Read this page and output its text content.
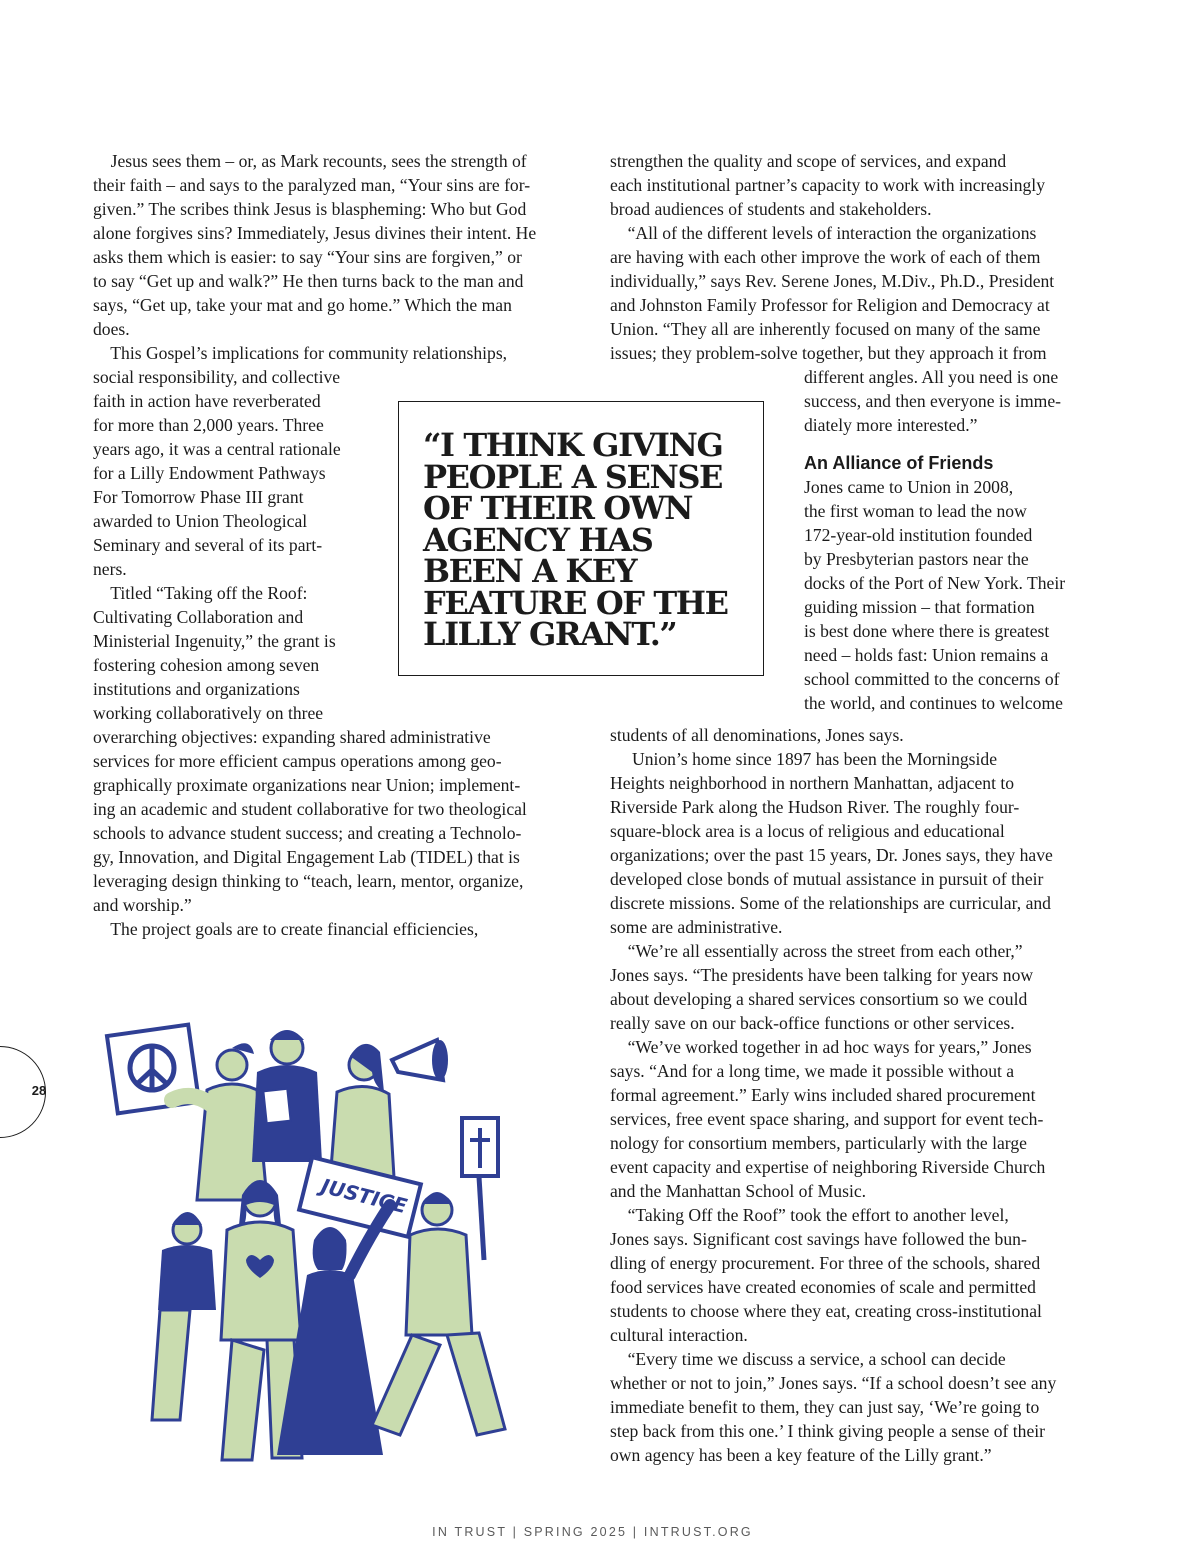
Jesus sees them – or, as Mark recounts, sees the strength of
their faith – and says to the paralyzed man, “Your sins are for-
given.” The scribes think Jesus is blaspheming: Who but God
alone forgives sins? Immediately, Jesus divines their intent. He
asks them which is easier: to say “Your sins are forgiven,” or
to say “Get up and walk?” He then turns back to the man and
says, “Get up, take your mat and go home.” Which the man
does.
This Gospel’s implications for community relationships,
social responsibility, and collective
faith in action have reverberated
for more than 2,000 years. Three
years ago, it was a central rationale
for a Lilly Endowment Pathways
For Tomorrow Phase III grant
awarded to Union Theological
Seminary and several of its part-
ners.
Titled “Taking off the Roof:
Cultivating Collaboration and
Ministerial Ingenuity,” the grant is
fostering cohesion among seven
institutions and organizations
working collaboratively on three
overarching objectives: expanding shared administrative
services for more efficient campus operations among geo-
graphically proximate organizations near Union; implement-
ing an academic and student collaborative for two theological
schools to advance student success; and creating a Technolo-
gy, Innovation, and Digital Engagement Lab (TIDEL) that is
leveraging design thinking to “teach, learn, mentor, organize,
and worship.”
The project goals are to create financial efficiencies,
“I THINK GIVING
PEOPLE A SENSE
OF THEIR OWN
AGENCY HAS
BEEN A KEY
FEATURE OF THE
LILLY GRANT.”
strengthen the quality and scope of services, and expand
each institutional partner’s capacity to work with increasingly
broad audiences of students and stakeholders.
“All of the different levels of interaction the organizations
are having with each other improve the work of each of them
individually,” says Rev. Serene Jones, M.Div., Ph.D., President
and Johnston Family Professor for Religion and Democracy at
Union. “They all are inherently focused on many of the same
issues; they problem-solve together, but they approach it from
different angles. All you need is one
success, and then everyone is imme-
diately more interested.”
An Alliance of Friends
Jones came to Union in 2008,
the first woman to lead the now
172-year-old institution founded
by Presbyterian pastors near the
docks of the Port of New York. Their
guiding mission – that formation
is best done where there is greatest
need – holds fast: Union remains a
school committed to the concerns of
the world, and continues to welcome
students of all denominations, Jones says.
Union’s home since 1897 has been the Morningside
Heights neighborhood in northern Manhattan, adjacent to
Riverside Park along the Hudson River. The roughly four-
square-block area is a locus of religious and educational
organizations; over the past 15 years, Dr. Jones says, they have
developed close bonds of mutual assistance in pursuit of their
discrete missions. Some of the relationships are curricular, and
some are administrative.
“We’re all essentially across the street from each other,”
Jones says. “The presidents have been talking for years now
about developing a shared services consortium so we could
really save on our back-office functions or other services.
“We’ve worked together in ad hoc ways for years,” Jones
says. “And for a long time, we made it possible without a
formal agreement.” Early wins included shared procurement
services, free event space sharing, and support for event tech-
nology for consortium members, particularly with the large
event capacity and expertise of neighboring Riverside Church
and the Manhattan School of Music.
“Taking Off the Roof” took the effort to another level,
Jones says. Significant cost savings have followed the bun-
dling of energy procurement. For three of the schools, shared
food services have created economies of scale and permitted
students to choose where they eat, creating cross-institutional
cultural interaction.
“Every time we discuss a service, a school can decide
whether or not to join,” Jones says. “If a school doesn’t see any
immediate benefit to them, they can just say, ‘We’re going to
step back from this one.’ I think giving people a sense of their
own agency has been a key feature of the Lilly grant.”
JUSTICE
28
IN TRUST | SPRING 2025 | INTRUST.ORG
